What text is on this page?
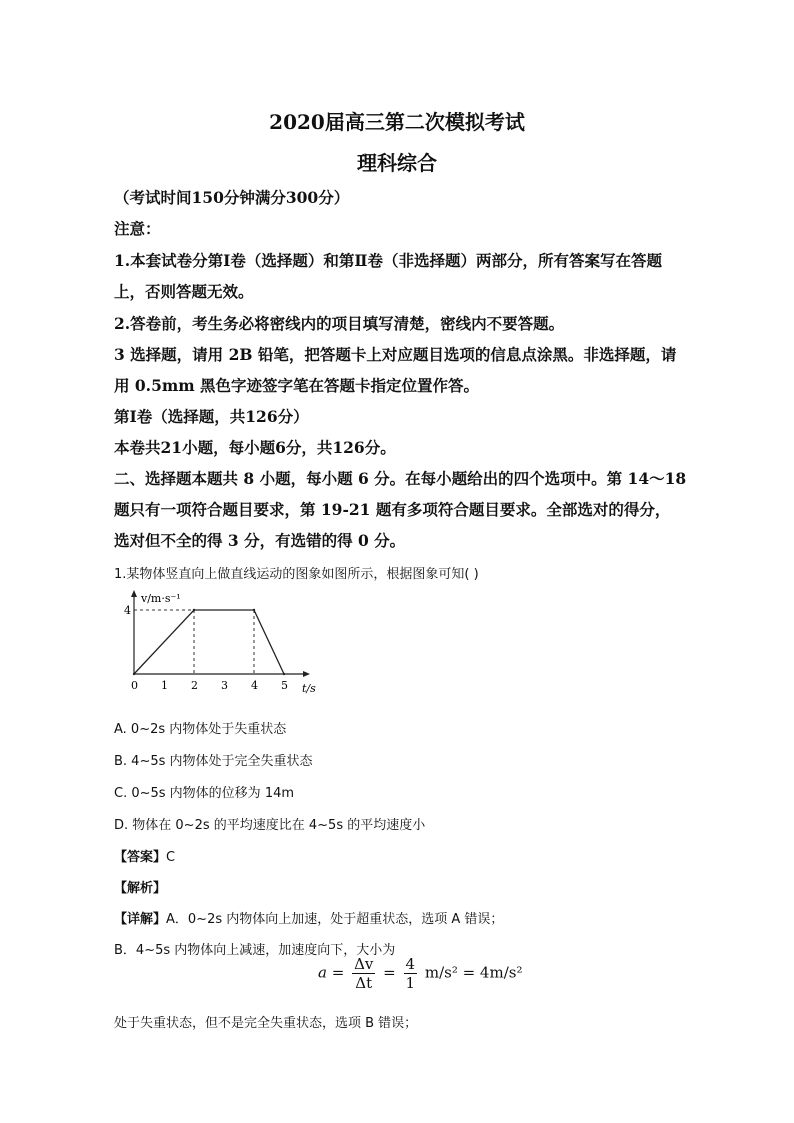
2020届高三第二次模拟考试
理科综合
（考试时间150分钟满分300分）
注意：
1.本套试卷分第Ⅰ卷（选择题）和第Ⅱ卷（非选择题）两部分，所有答案写在答题
上，否则答题无效。
2.答卷前，考生务必将密线内的项目填写清楚，密线内不要答题。
3 选择题，请用 2B 铅笔，把答题卡上对应题目选项的信息点涂黑。非选择题，请
用 0.5mm 黑色字迹签字笔在答题卡指定位置作答。
第Ⅰ卷（选择题，共126分）
本卷共21小题，每小题6分，共126分。
二、选择题本题共 8 小题，每小题 6 分。在每小题给出的四个选项中。第 14～18
题只有一项符合题目要求，第 19-21 题有多项符合题目要求。全部选对的得分，
选对但不全的得 3 分，有选错的得 0 分。
1.某物体竖直向上做直线运动的图象如图所示，根据图象可知( )
v/m·s⁻¹
t/s
0 1 2 3 4 5
4
A. 0~2s 内物体处于失重状态
B. 4~5s 内物体处于完全失重状态
C. 0~5s 内物体的位移为 14m
D. 物体在 0~2s 的平均速度比在 4~5s 的平均速度小
【答案】C
【解析】
【详解】A．0~2s 内物体向上加速，处于超重状态，选项 A 错误；
B．4~5s 内物体向上减速，加速度向下，大小为
$a = \frac{\Delta v}{\Delta t} = \frac{4}{1} m/s^2 = 4m/s^2$
处于失重状态，但不是完全失重状态，选项 B 错误；
